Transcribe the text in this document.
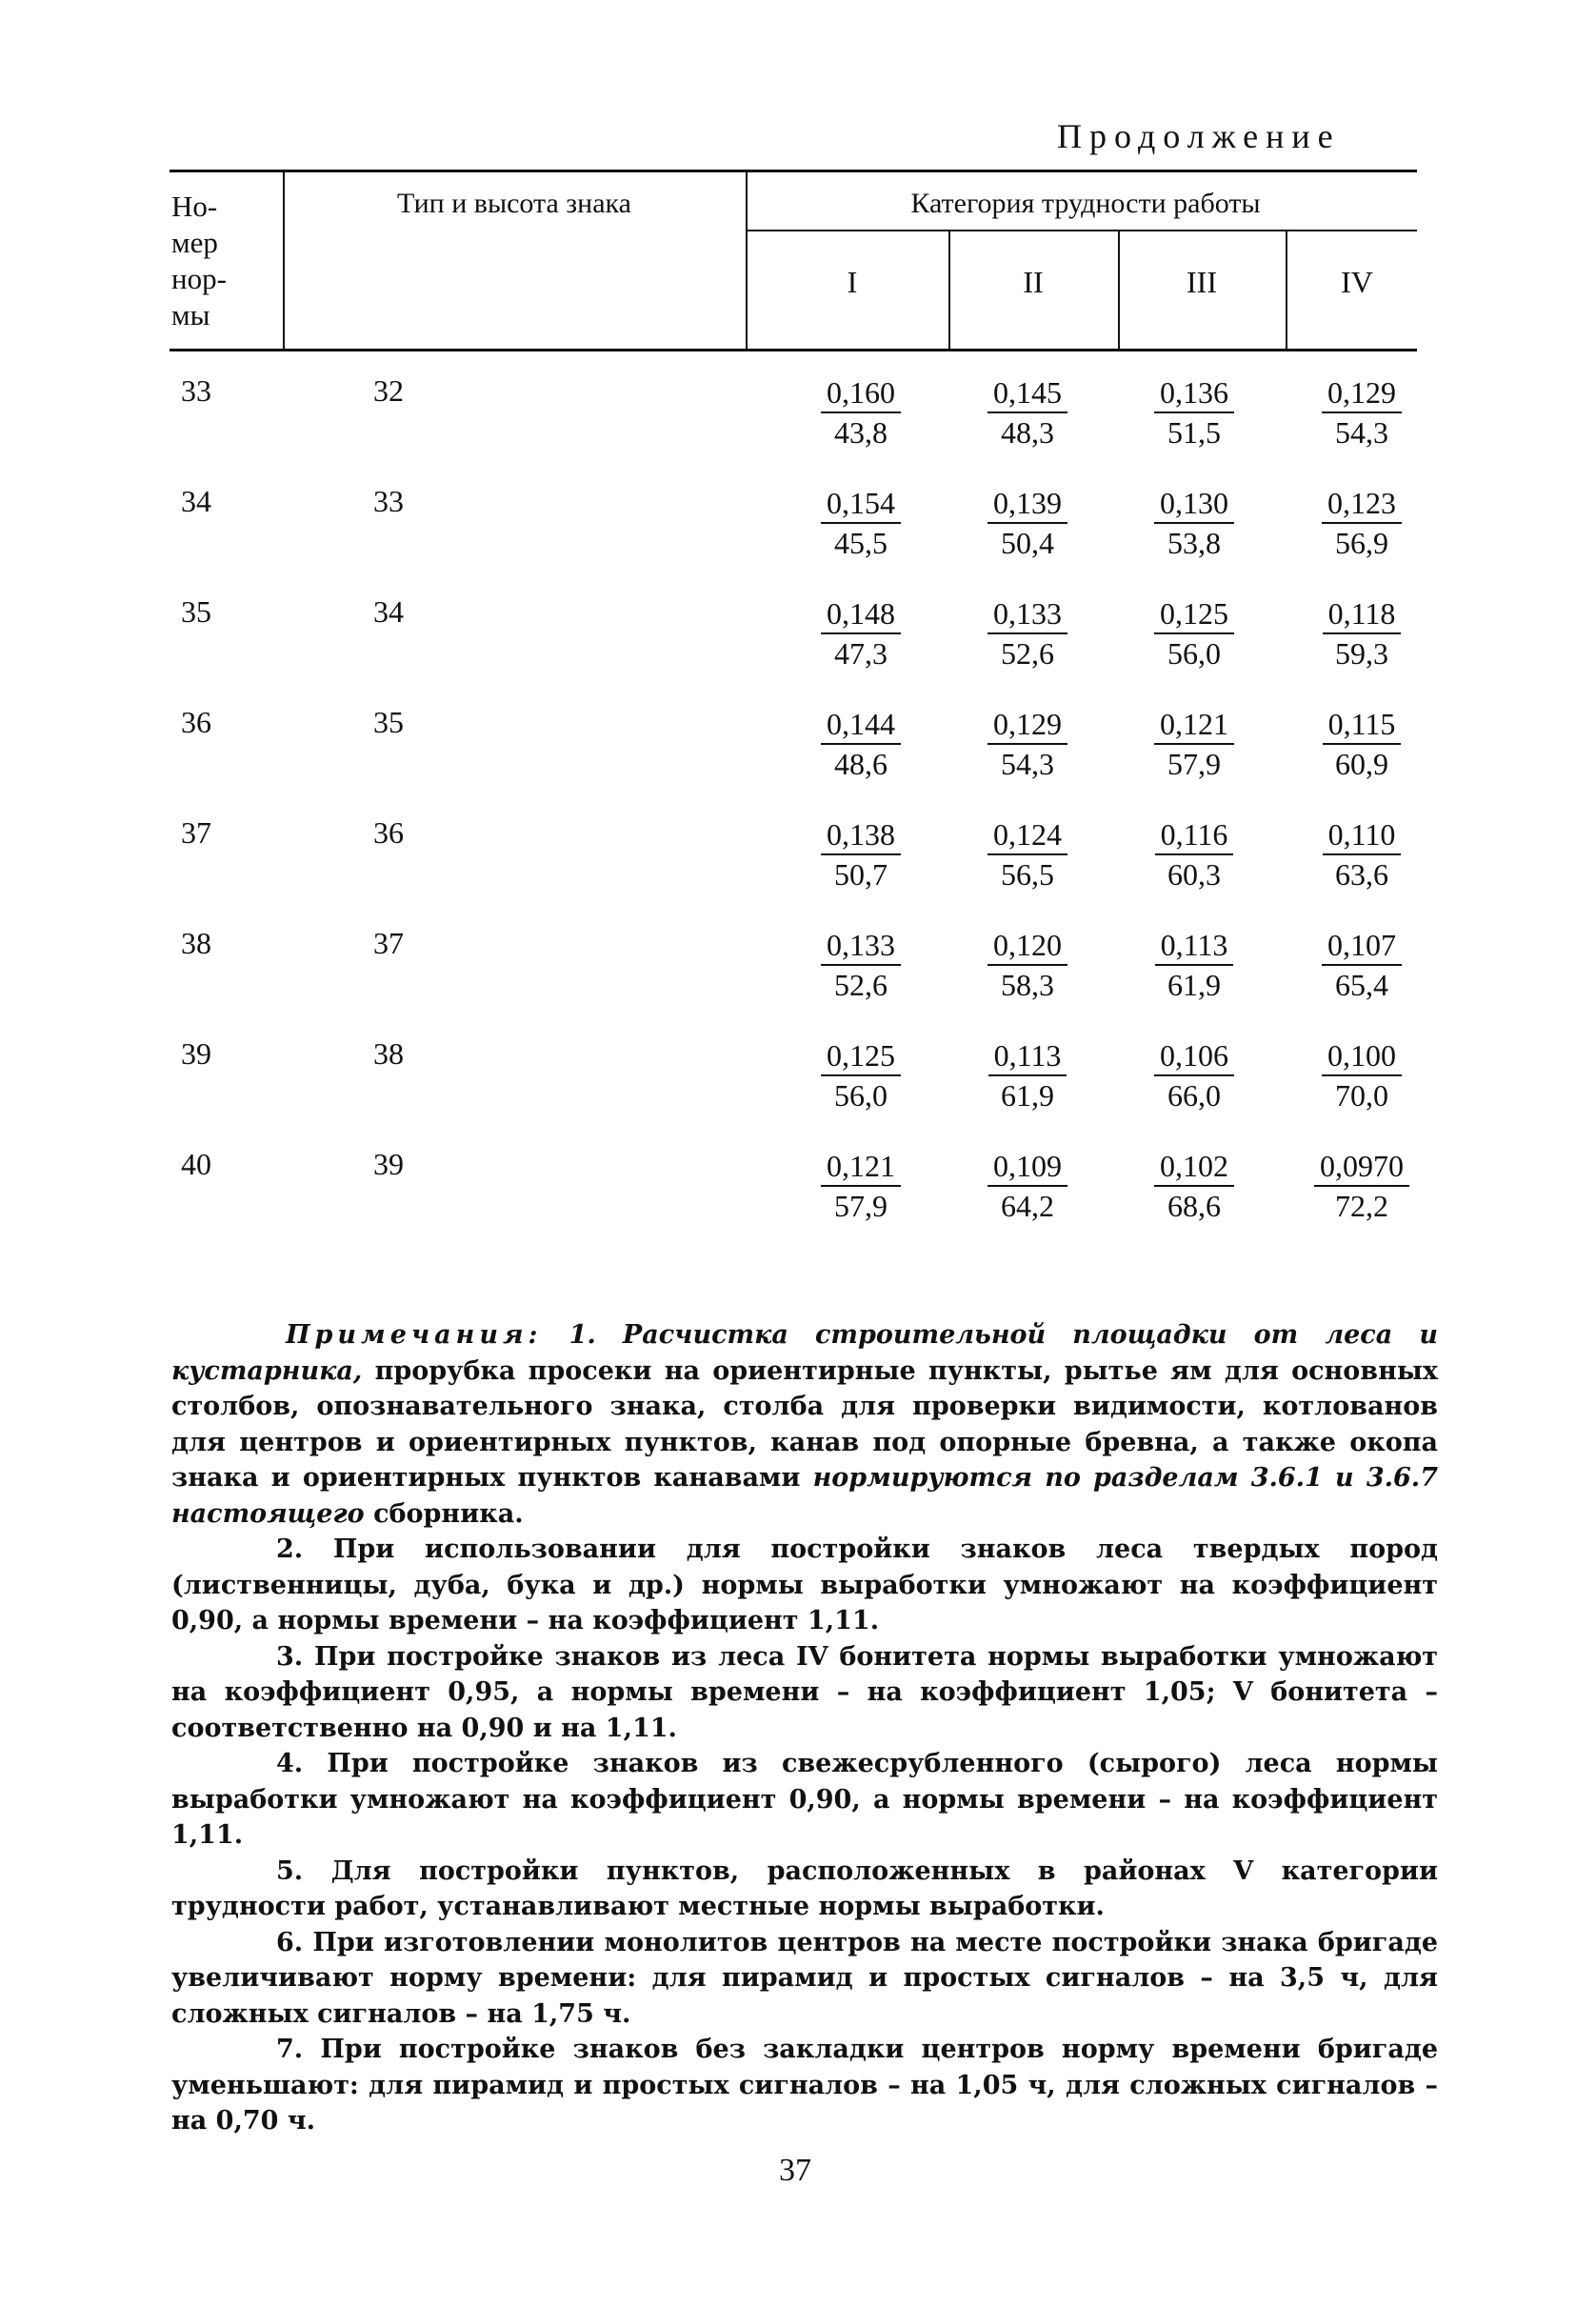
Продолжение
Но-
мер
нор-
мы
Тип и высота знака	Категория трудности работы
I	II	III	IV
33	32	$\frac{0,160}{43,8} \frac{0,145}{48,3} \frac{0,136}{51,5} \frac{0,129}{54,3}$
34	33	$\frac{0,154}{45,5} \frac{0,139}{50,4} \frac{0,130}{53,8} \frac{0,123}{56,9}$
35	34	$\frac{0,148}{47,3} \frac{0,133}{52,6} \frac{0,125}{56,0} \frac{0,118}{59,3}$
36	35	$\frac{0,144}{48,6} \frac{0,129}{54,3} \frac{0,121}{57,9} \frac{0,115}{60,9}$
37	36	$\frac{0,138}{50,7} \frac{0,124}{56,5} \frac{0,116}{60,3} \frac{0,110}{63,6}$
38	37	$\frac{0,133}{52,6} \frac{0,120}{58,3} \frac{0,113}{61,9} \frac{0,107}{65,4}$
39	38	$\frac{0,125}{56,0} \frac{0,113}{61,9} \frac{0,106}{66,0} \frac{0,100}{70,0}$
40	39	$\frac{0,121}{57,9} \frac{0,109}{64,2} \frac{0,102}{68,6} \frac{0,0970}{72,2}$

Примечания: 1. Расчистка строительной площадки от леса и кустарника, прорубка просеки на ориентирные пункты, рытье ям для основных столбов, опознавательного знака, столба для проверки видимости, котлованов для центров и ориентирных пунктов, канав под опорные бревна, а также окопа знака и ориентирных пунктов канавами нормируются по разделам 3.6.1 и 3.6.7 настоящего сборника.

2. При использовании для постройки знаков леса твердых пород (лиственницы, дуба, бука и др.) нормы выработки умножают на коэффициент 0,90, а нормы времени – на коэффициент 1,11.

3. При постройке знаков из леса IV бонитета нормы выработки умножают на коэффициент 0,95, а нормы времени – на коэффициент 1,05; V бонитета – соответственно на 0,90 и на 1,11.

4. При постройке знаков из свежесрубленного (сырого) леса нормы выработки умножают на коэффициент 0,90, а нормы времени – на коэффициент 1,11.

5. Для постройки пунктов, расположенных в районах V категории трудности работ, устанавливают местные нормы выработки.

6. При изготовлении монолитов центров на месте постройки знака бригаде увеличивают норму времени: для пирамид и простых сигналов – на 3,5 ч, для сложных сигналов – на 1,75 ч.

7. При постройке знаков без закладки центров норму времени бригаде уменьшают: для пирамид и простых сигналов – на 1,05 ч, для сложных сигналов – на 0,70 ч.

37
